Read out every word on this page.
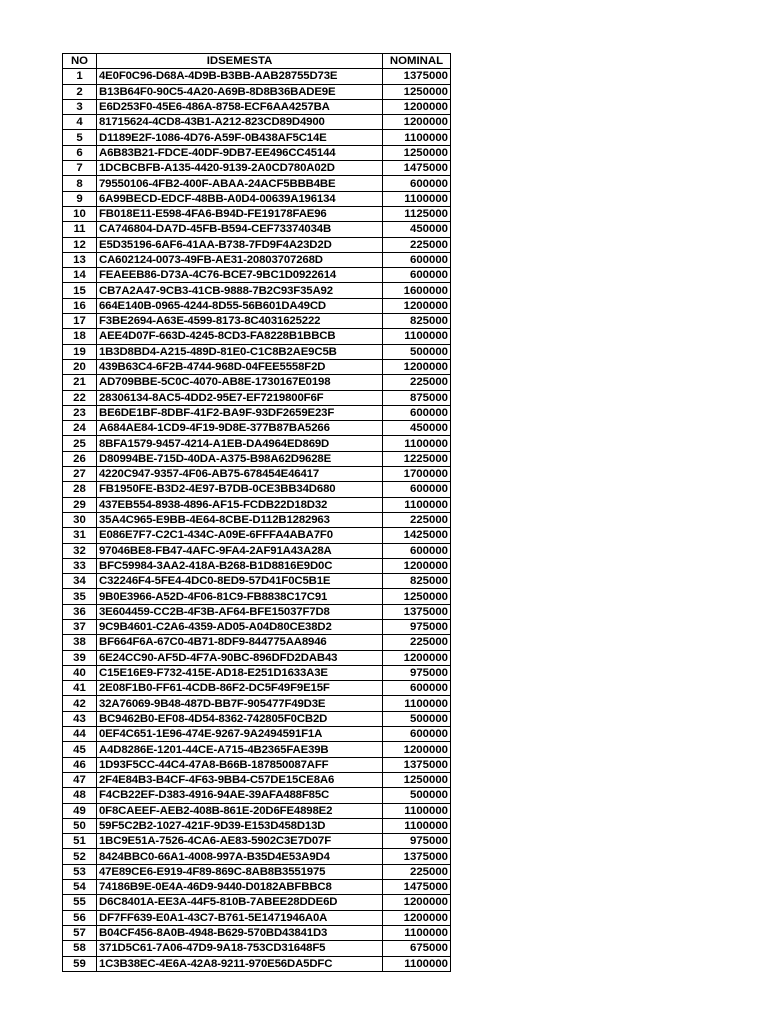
NO	IDSEMESTA	NOMINAL
1	4E0F0C96-D68A-4D9B-B3BB-AAB28755D73E	1375000
2	B13B64F0-90C5-4A20-A69B-8D8B36BADE9E	1250000
3	E6D253F0-45E6-486A-8758-ECF6AA4257BA	1200000
4	81715624-4CD8-43B1-A212-823CD89D4900	1200000
5	D1189E2F-1086-4D76-A59F-0B438AF5C14E	1100000
6	A6B83B21-FDCE-40DF-9DB7-EE496CC45144	1250000
7	1DCBCBFB-A135-4420-9139-2A0CD780A02D	1475000
8	79550106-4FB2-400F-ABAA-24ACF5BBB4BE	600000
9	6A99BECD-EDCF-48BB-A0D4-00639A196134	1100000
10	FB018E11-E598-4FA6-B94D-FE19178FAE96	1125000
11	CA746804-DA7D-45FB-B594-CEF73374034B	450000
12	E5D35196-6AF6-41AA-B738-7FD9F4A23D2D	225000
13	CA602124-0073-49FB-AE31-20803707268D	600000
14	FEAEEB86-D73A-4C76-BCE7-9BC1D0922614	600000
15	CB7A2A47-9CB3-41CB-9888-7B2C93F35A92	1600000
16	664E140B-0965-4244-8D55-56B601DA49CD	1200000
17	F3BE2694-A63E-4599-8173-8C4031625222	825000
18	AEE4D07F-663D-4245-8CD3-FA8228B1BBCB	1100000
19	1B3D8BD4-A215-489D-81E0-C1C8B2AE9C5B	500000
20	439B63C4-6F2B-4744-968D-04FEE5558F2D	1200000
21	AD709BBE-5C0C-4070-AB8E-1730167E0198	225000
22	28306134-8AC5-4DD2-95E7-EF7219800F6F	875000
23	BE6DE1BF-8DBF-41F2-BA9F-93DF2659E23F	600000
24	A684AE84-1CD9-4F19-9D8E-377B87BA5266	450000
25	8BFA1579-9457-4214-A1EB-DA4964ED869D	1100000
26	D80994BE-715D-40DA-A375-B98A62D9628E	1225000
27	4220C947-9357-4F06-AB75-678454E46417	1700000
28	FB1950FE-B3D2-4E97-B7DB-0CE3BB34D680	600000
29	437EB554-8938-4896-AF15-FCDB22D18D32	1100000
30	35A4C965-E9BB-4E64-8CBE-D112B1282963	225000
31	E086E7F7-C2C1-434C-A09E-6FFFA4ABA7F0	1425000
32	97046BE8-FB47-4AFC-9FA4-2AF91A43A28A	600000
33	BFC59984-3AA2-418A-B268-B1D8816E9D0C	1200000
34	C32246F4-5FE4-4DC0-8ED9-57D41F0C5B1E	825000
35	9B0E3966-A52D-4F06-81C9-FB8838C17C91	1250000
36	3E604459-CC2B-4F3B-AF64-BFE15037F7D8	1375000
37	9C9B4601-C2A6-4359-AD05-A04D80CE38D2	975000
38	BF664F6A-67C0-4B71-8DF9-844775AA8946	225000
39	6E24CC90-AF5D-4F7A-90BC-896DFD2DAB43	1200000
40	C15E16E9-F732-415E-AD18-E251D1633A3E	975000
41	2E08F1B0-FF61-4CDB-86F2-DC5F49F9E15F	600000
42	32A76069-9B48-487D-BB7F-905477F49D3E	1100000
43	BC9462B0-EF08-4D54-8362-742805F0CB2D	500000
44	0EF4C651-1E96-474E-9267-9A2494591F1A	600000
45	A4D8286E-1201-44CE-A715-4B2365FAE39B	1200000
46	1D93F5CC-44C4-47A8-B66B-187850087AFF	1375000
47	2F4E84B3-B4CF-4F63-9BB4-C57DE15CE8A6	1250000
48	F4CB22EF-D383-4916-94AE-39AFA488F85C	500000
49	0F8CAEEF-AEB2-408B-861E-20D6FE4898E2	1100000
50	59F5C2B2-1027-421F-9D39-E153D458D13D	1100000
51	1BC9E51A-7526-4CA6-AE83-5902C3E7D07F	975000
52	8424BBC0-66A1-4008-997A-B35D4E53A9D4	1375000
53	47E89CE6-E919-4F89-869C-8AB8B3551975	225000
54	74186B9E-0E4A-46D9-9440-D0182ABFBBC8	1475000
55	D6C8401A-EE3A-44F5-810B-7ABEE28DDE6D	1200000
56	DF7FF639-E0A1-43C7-B761-5E1471946A0A	1200000
57	B04CF456-8A0B-4948-B629-570BD43841D3	1100000
58	371D5C61-7A06-47D9-9A18-753CD31648F5	675000
59	1C3B38EC-4E6A-42A8-9211-970E56DA5DFC	1100000
